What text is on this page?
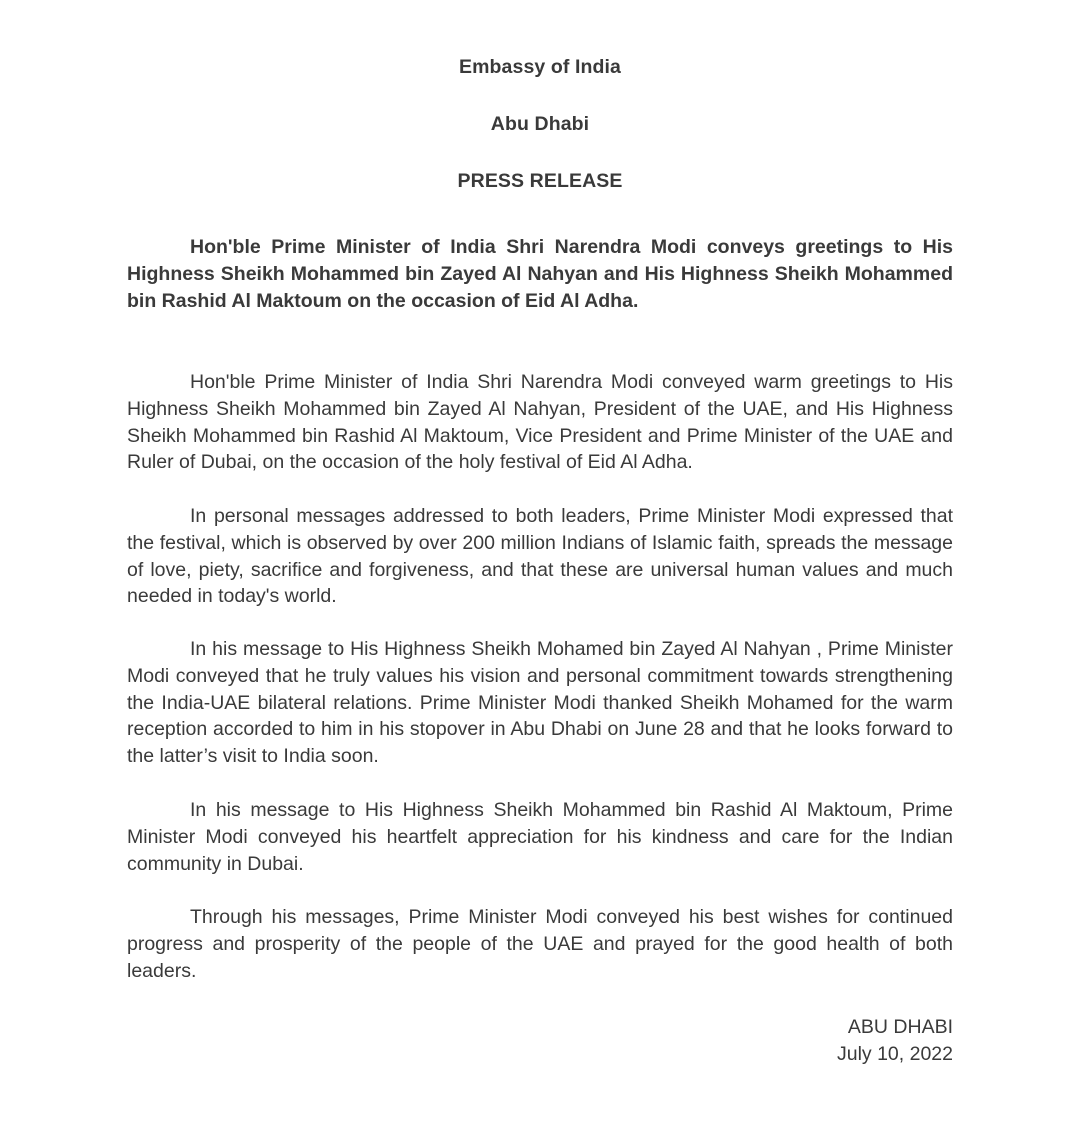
Embassy of India
Abu Dhabi
PRESS RELEASE

Hon'ble Prime Minister of India Shri Narendra Modi conveys greetings to His Highness Sheikh Mohammed bin Zayed Al Nahyan and His Highness Sheikh Mohammed bin Rashid Al Maktoum on the occasion of Eid Al Adha.

Hon'ble Prime Minister of India Shri Narendra Modi conveyed warm greetings to His Highness Sheikh Mohammed bin Zayed Al Nahyan, President of the UAE, and His Highness Sheikh Mohammed bin Rashid Al Maktoum, Vice President and Prime Minister of the UAE and Ruler of Dubai, on the occasion of the holy festival of Eid Al Adha.

In personal messages addressed to both leaders, Prime Minister Modi expressed that the festival, which is observed by over 200 million Indians of Islamic faith, spreads the message of love, piety, sacrifice and forgiveness, and that these are universal human values and much needed in today's world.

In his message to His Highness Sheikh Mohamed bin Zayed Al Nahyan , Prime Minister Modi conveyed that he truly values his vision and personal commitment towards strengthening the India-UAE bilateral relations. Prime Minister Modi thanked Sheikh Mohamed for the warm reception accorded to him in his stopover in Abu Dhabi on June 28 and that he looks forward to the latter’s visit to India soon.

In his message to His Highness Sheikh Mohammed bin Rashid Al Maktoum, Prime Minister Modi conveyed his heartfelt appreciation for his kindness and care for the Indian community in Dubai.

Through his messages, Prime Minister Modi conveyed his best wishes for continued progress and prosperity of the people of the UAE and prayed for the good health of both leaders.

ABU DHABI
July 10, 2022
